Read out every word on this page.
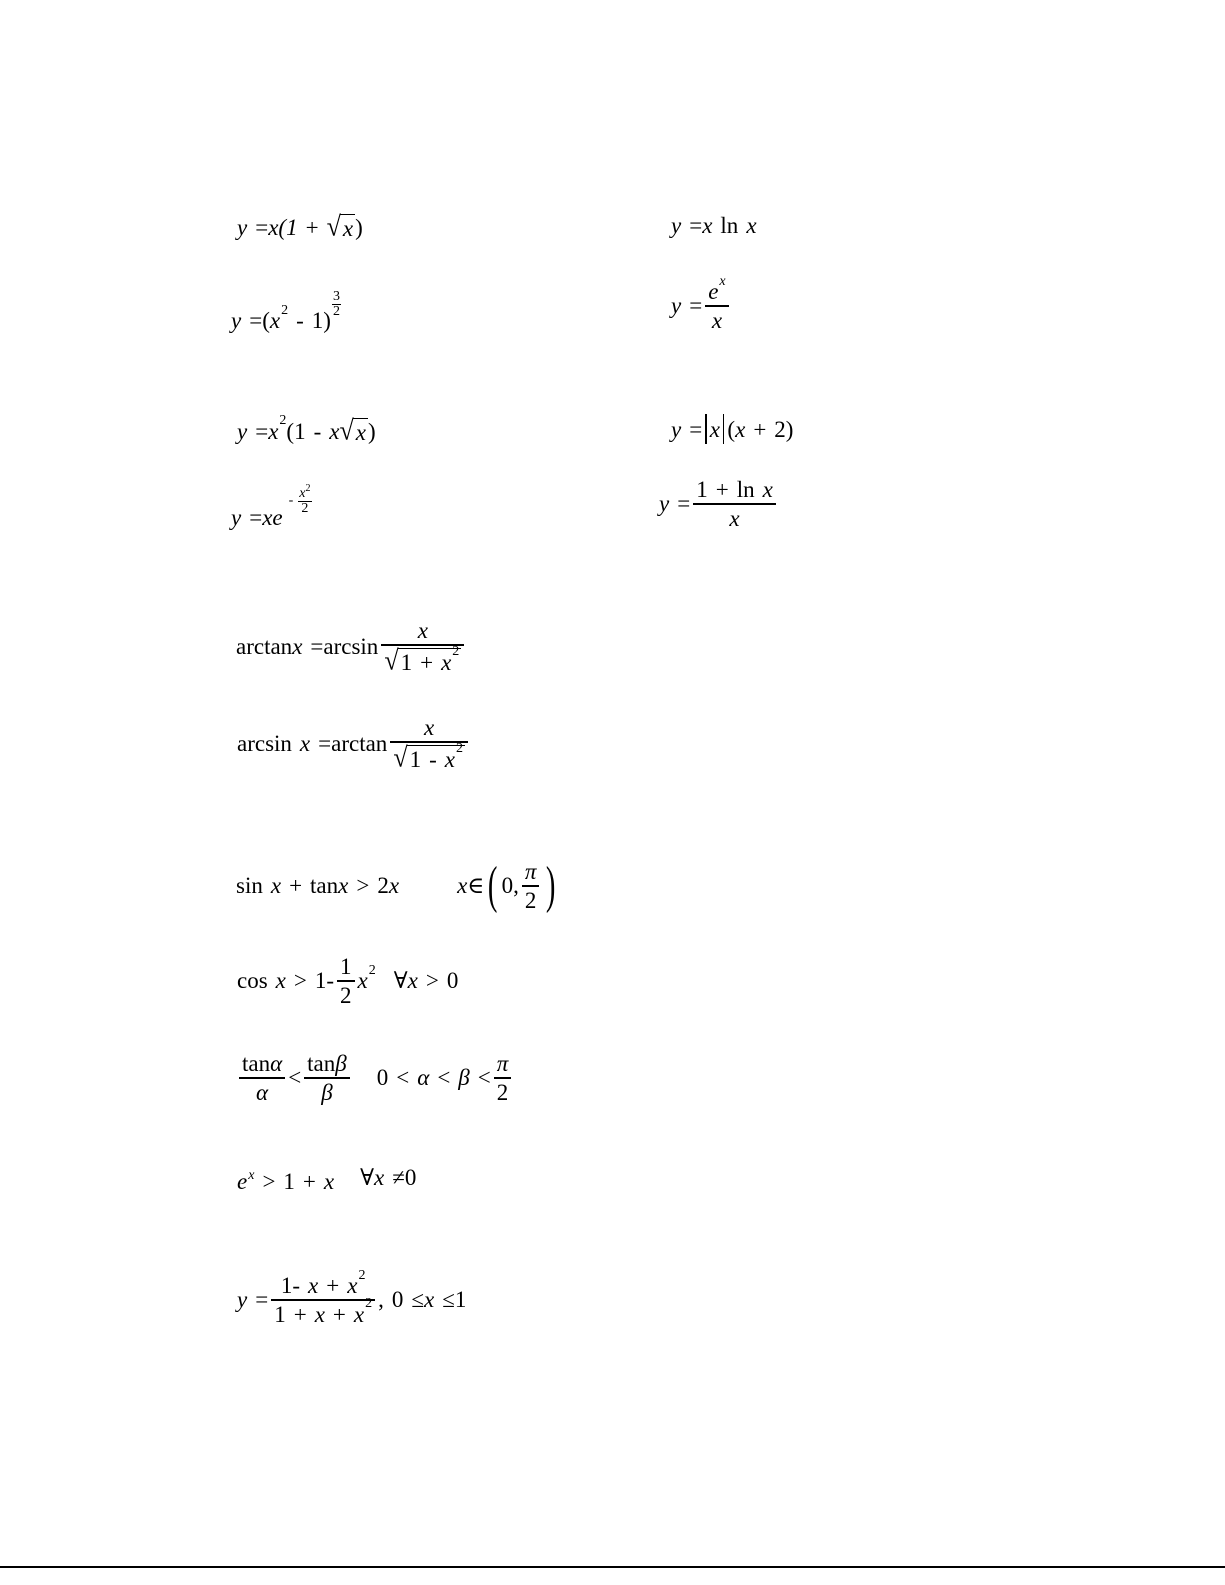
y = x(1 + √ x )	y = x ln x
y = ( x 2 - 1)
3
2	$y = \frac{\text{e x}}{x}$
y = x 2 (1 - x √ x )	y = x ( x + 2)
y = xe
- $x^2$
2	$y = \frac{\text{1 + ln x}}{x}$
$\arctan x = \arcsin \frac{x}{√ 1 + x 2}$
$\arcsin x = \arctan \frac{x}{√ 1 - x 2}$
sin x + tan x > 2 x	x ∈ ( 0, $\frac{\pi}{2}$ )
$\cos x > 1 - \frac{1}{2}$ x 2 ∀ x > 0
$\frac{\text{tan α}}{\alpha} < \frac{\text{tan β}}{\beta} 0 < \alpha < \beta < \frac{\pi}{2}$
e x > 1 + x ∀ x ≠ 0
$y = \frac{1 - x + x 2}{1 + x + x 2}$ , 0 ≤ x ≤ 1
